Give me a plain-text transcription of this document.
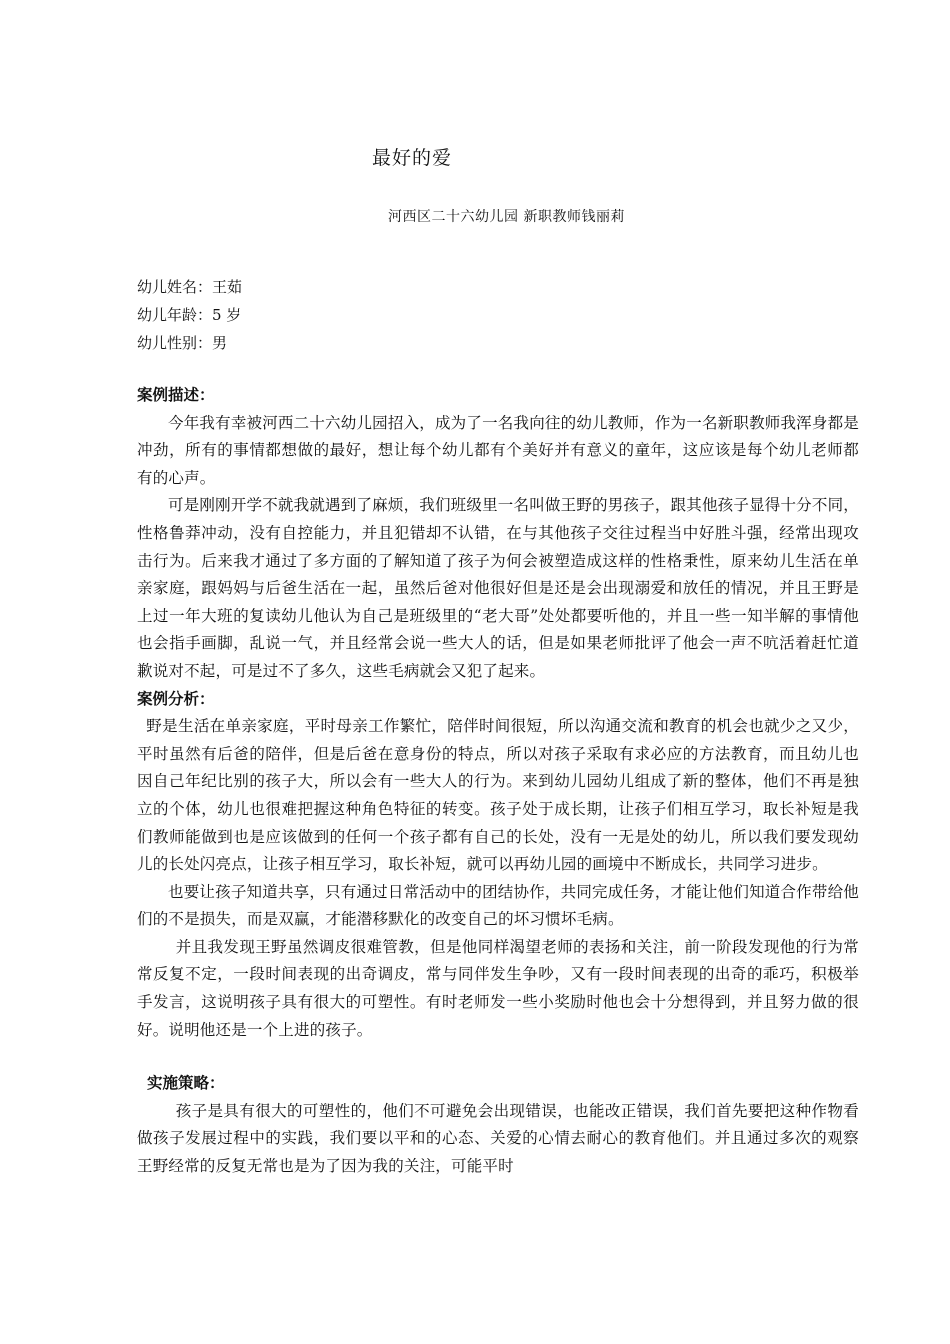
最好的爱
河西区二十六幼儿园 新职教师钱丽莉
幼儿姓名：王茹
幼儿年龄：5 岁
幼儿性别：男

案例描述：

今年我有幸被河西二十六幼儿园招入，成为了一名我向往的幼儿教师，作为一名新职教师我浑身都是冲劲，所有的事情都想做的最好，想让每个幼儿都有个美好并有意义的童年，这应该是每个幼儿老师都有的心声。

可是刚刚开学不就我就遇到了麻烦，我们班级里一名叫做王野的男孩子，跟其他孩子显得十分不同，性格鲁莽冲动，没有自控能力，并且犯错却不认错，在与其他孩子交往过程当中好胜斗强，经常出现攻击行为。后来我才通过了多方面的了解知道了孩子为何会被塑造成这样的性格秉性，原来幼儿生活在单亲家庭，跟妈妈与后爸生活在一起，虽然后爸对他很好但是还是会出现溺爱和放任的情况，并且王野是上过一年大班的复读幼儿他认为自己是班级里的“老大哥”处处都要听他的，并且一些一知半解的事情他也会指手画脚，乱说一气，并且经常会说一些大人的话，但是如果老师批评了他会一声不吭活着赶忙道歉说对不起，可是过不了多久，这些毛病就会又犯了起来。

案例分析：

野是生活在单亲家庭，平时母亲工作繁忙，陪伴时间很短，所以沟通交流和教育的机会也就少之又少，平时虽然有后爸的陪伴，但是后爸在意身份的特点，所以对孩子采取有求必应的方法教育，而且幼儿也因自己年纪比别的孩子大，所以会有一些大人的行为。来到幼儿园幼儿组成了新的整体，他们不再是独立的个体，幼儿也很难把握这种角色特征的转变。孩子处于成长期，让孩子们相互学习，取长补短是我们教师能做到也是应该做到的任何一个孩子都有自己的长处，没有一无是处的幼儿，所以我们要发现幼儿的长处闪亮点，让孩子相互学习，取长补短，就可以再幼儿园的画境中不断成长，共同学习进步。

也要让孩子知道共享，只有通过日常活动中的团结协作，共同完成任务，才能让他们知道合作带给他们的不是损失，而是双赢，才能潜移默化的改变自己的坏习惯坏毛病。

并且我发现王野虽然调皮很难管教，但是他同样渴望老师的表扬和关注，前一阶段发现他的行为常常反复不定，一段时间表现的出奇调皮，常与同伴发生争吵，又有一段时间表现的出奇的乖巧，积极举手发言，这说明孩子具有很大的可塑性。有时老师发一些小奖励时他也会十分想得到，并且努力做的很好。说明他还是一个上进的孩子。

实施策略：

孩子是具有很大的可塑性的，他们不可避免会出现错误，也能改正错误，我们首先要把这种作物看做孩子发展过程中的实践，我们要以平和的心态、关爱的心情去耐心的教育他们。并且通过多次的观察王野经常的反复无常也是为了因为我的关注，可能平时
